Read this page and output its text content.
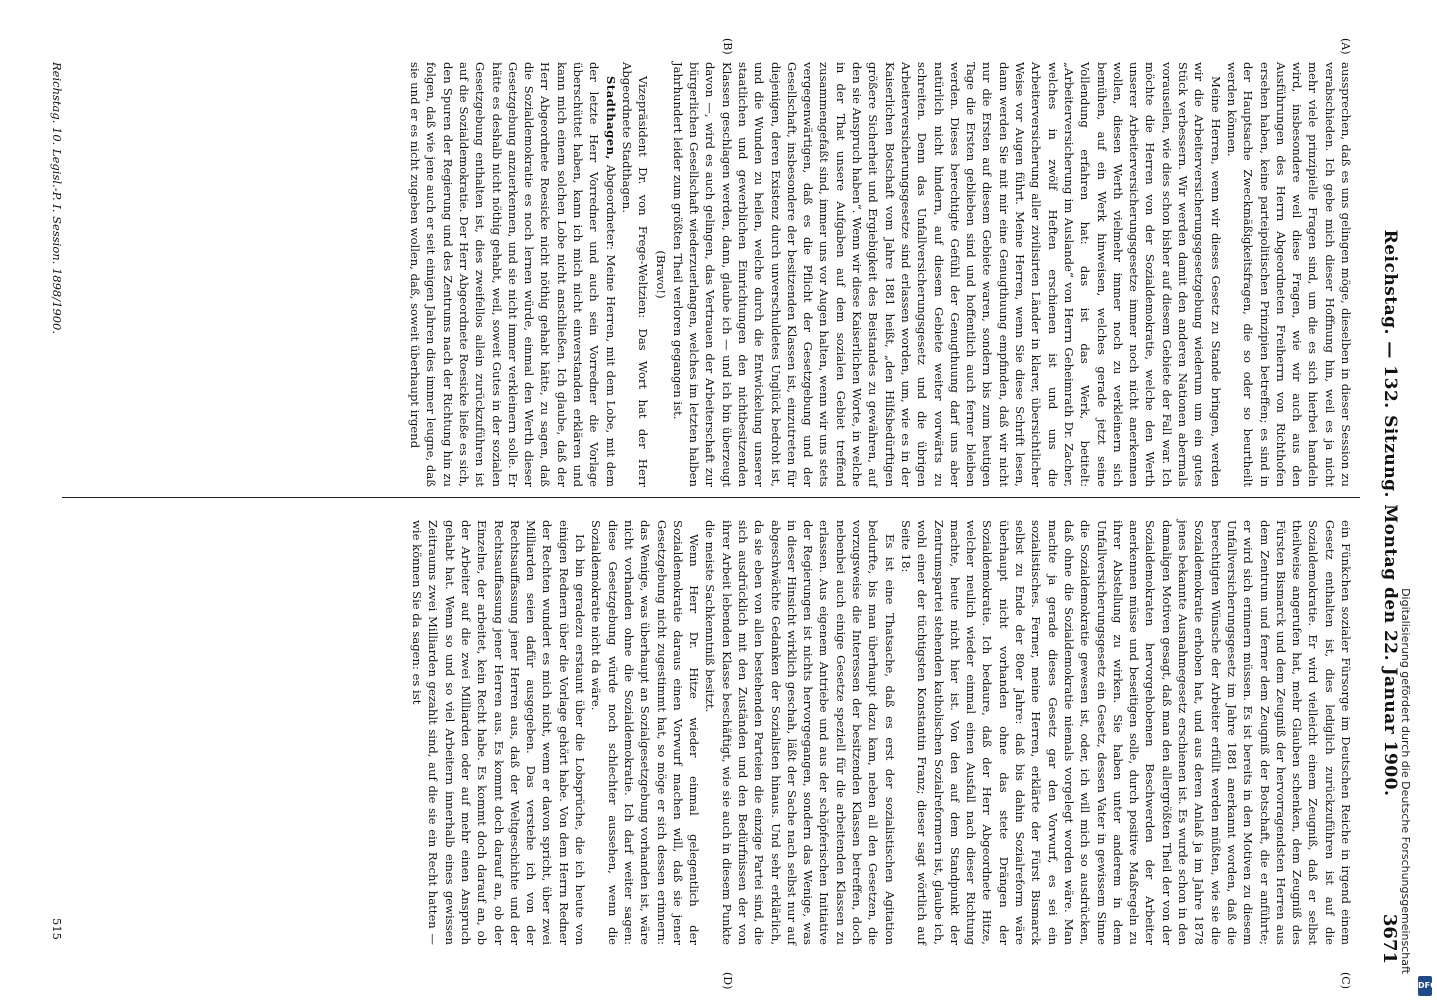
Reichstag. — 132. Sitzung. Montag den 22. Januar 1900.
3671
(A)
(B)
(C)
(D)

aussprechen, daß es uns gelingen möge, dieselben in dieser Session zu verabschieden. Ich gebe mich dieser Hoffnung hin, weil es ja nicht mehr viele prinzipielle Fragen sind, um die es sich hierbei handeln wird, insbesondere weil diese Fragen, wie wir auch aus den Ausführungen des Herrn Abgeordneten Freiherrn von Richthofen ersehen haben, keine parteipolitischen Prinzipien betreffen; es sind in der Hauptsache Zweckmäßigkeitsfragen, die so oder so beurtheilt werden können.

Meine Herren, wenn wir dieses Gesetz zu Stande bringen, werden wir die Arbeiterversicherungsgesetzgebung wiederum um ein gutes Stück verbessern. Wir werden damit den anderen Nationen abermals vorauseilen, wie dies schon bisher auf diesem Gebiete der Fall war. Ich möchte die Herren von der Sozialdemokratie, welche den Werth unserer Arbeiterversicherungsgesetze immer noch nicht anerkennen wollen, diesen Werth vielmehr immer noch zu verkleinern sich bemühen, auf ein Werk hinweisen, welches gerade jetzt seine Vollendung erfahren hat: das ist das Werk, betitelt: „Arbeiterversicherung im Auslande“ von Herrn Geheimrath Dr. Zacher, welches in zwölf Heften erschienen ist und uns die Arbeiterversicherung aller zivilisirten Länder in klarer, übersichtlicher Weise vor Augen führt. Meine Herren, wenn Sie diese Schrift lesen, dann werden Sie mit mir eine Genugthuung empfinden, daß wir nicht nur die Ersten auf diesem Gebiete waren, sondern bis zum heutigen Tage die Ersten geblieben sind und hoffentlich auch ferner bleiben werden. Dieses berechtigte Gefühl der Genugthuung darf uns aber natürlich nicht hindern, auf diesem Gebiete weiter vorwärts zu schreiten. Denn das Unfallversicherungsgesetz und die übrigen Arbeiterversicherungsgesetze sind erlassen worden, um, wie es in der Kaiserlichen Botschaft vom Jahre 1881 heißt, „den Hilfsbedürftigen größere Sicherheit und Ergiebigkeit des Beistandes zu gewähren, auf den sie Anspruch haben“. Wenn wir diese Kaiserlichen Worte, in welche in der That unsere Aufgaben auf dem sozialen Gebiet treffend zusammengefaßt sind, immer uns vor Augen halten, wenn wir uns stets vergegenwärtigen, daß es die Pflicht der Gesetzgebung und der Gesellschaft, insbesondere der besitzenden Klassen ist, einzutreten für diejenigen, deren Existenz durch unverschuldetes Unglück bedroht ist, und die Wunden zu heilen, welche durch die Entwickelung unserer staatlichen und gewerblichen Einrichtungen den nichtbesitzenden Klassen geschlagen werden, dann, glaube ich — und ich bin überzeugt davon —, wird es auch gelingen, das Vertrauen der Arbeiterschaft zur bürgerlichen Gesellschaft wiederzuerlangen, welches im letzten halben Jahrhundert leider zum größten Theil verloren gegangen ist.

(Bravo!)

Vizepräsident Dr. von Frege-Weltzien: Das Wort hat der Herr Abgeordnete Stadthagen.

Stadthagen, Abgeordneter: Meine Herren, mit dem Lobe, mit dem der letzte Herr Vorredner und auch sein Vorredner die Vorlage überschüttet haben, kann ich mich nicht einverstanden erklären und kann mich einem solchen Lobe nicht anschließen. Ich glaube, daß der Herr Abgeordnete Roesicke nicht nöthig gehabt hätte, zu sagen, daß die Sozialdemokratie es noch lernen würde, einmal den Werth dieser Gesetzgebung anzuerkennen, und sie nicht immer verkleinern solle. Er hätte es deshalb nicht nöthig gehabt, weil, soweit Gutes in der sozialen Gesetzgebung enthalten ist, dies zweifellos allein zurückzuführen ist auf die Sozialdemokratie. Der Herr Abgeordnete Roesicke ließe es sich, den Spuren der Regierung und des Zentrums nach der Richtung hin zu folgen, daß wie jene auch er seit einigen Jahren dies immer leugne, daß sie und er es nicht zugeben wollen, daß, soweit überhaupt irgend

ein Fünkchen sozialer Fürsorge im Deutschen Reiche in irgend einem Gesetz enthalten ist, dies lediglich zurückzuführen ist auf die Sozialdemokratie. Er wird vielleicht einem Zeugniß, daß er selbst theilweise angerufen hat, mehr Glauben schenken, dem Zeugniß des Fürsten Bismarck und dem Zeugniß der hervorragendsten Herren aus dem Zentrum und ferner dem Zeugniß der Botschaft, die er anführte; er wird sich erinnern müssen. Es ist bereits in den Motiven zu diesem Unfallversicherungsgesetz im Jahre 1881 anerkannt worden, daß die berechtigten Wünsche der Arbeiter erfüllt werden müßten, wie sie die Sozialdemokratie erhoben hat, und aus deren Anlaß ja im Jahre 1878 jenes bekannte Ausnahmegesetz erschienen ist. Es wurde schon in den damaligen Motiven gesagt, daß man den allergrößten Theil der von der Sozialdemokraten hervorgehobenen Beschwerden der Arbeiter anerkennen müsse und beseitigen solle, durch positive Maßregeln zu ihrer Abstellung zu wirken. Sie haben unter anderem in dem Unfallversicherungsgesetz ein Gesetz, dessen Vater in gewissem Sinne die Sozialdemokratie gewesen ist, oder, ich will mich so ausdrücken, daß ohne die Sozialdemokratie niemals vorgelegt worden wäre. Man machte ja gerade dieses Gesetz gar den Vorwurf, es sei ein sozialistisches. Ferner, meine Herren, erklärte der Fürst Bismarck selbst zu Ende der 80er Jahre: daß bis dahin Sozialreform wäre überhaupt nicht vorhanden ohne das stete Drängen der Sozialdemokratie. Ich bedaure, daß der Herr Abgeordnete Hitze, welcher neulich wieder einmal einen Ausfall nach dieser Richtung machte, heute nicht hier ist. Von den auf dem Standpunkt der Zentrumspartei stehenden katholischen Sozialreformern ist, glaube ich, wohl einer der tüchtigsten Konstantin Franz; dieser sagt wörtlich auf Seite 18:

Es ist eine Thatsache, daß es erst der sozialistischen Agitation bedurfte, bis man überhaupt dazu kam, neben all den Gesetzen, die vorzugsweise die Interessen der besitzenden Klassen betreffen, doch nebenbei auch einige Gesetze speziell für die arbeitenden Klassen zu erlassen. Aus eigenem Antriebe und aus der schöpferischen Initiative der Regierungen ist nichts hervorgegangen, sondern das Wenige, was in dieser Hinsicht wirklich geschah, läßt der Sache nach selbst nur auf abgeschwächte Gedanken der Sozialisten hinaus. Und sehr erklärlich, da sie eben von allen bestehenden Parteien die einzige Partei sind, die sich ausdrücklich mit den Zuständen und den Bedürfnissen der von ihrer Arbeit lebenden Klasse beschäftigt, wie sie auch in diesem Punkte die meiste Sachkenntniß besitzt.

Wenn Herr Dr. Hitze wieder einmal gelegentlich der Sozialdemokratie daraus einen Vorwurf machen will, daß sie jener Gesetzgebung nicht zugestimmt hat, so möge er sich dessen erinnern: das Wenige, was überhaupt an Sozialgesetzgebung vorhanden ist, wäre nicht vorhanden ohne die Sozialdemokratie. Ich darf weiter sagen: diese Gesetzgebung würde noch schlechter aussehen, wenn die Sozialdemokratie nicht da wäre.

Ich bin geradezu erstaunt über die Lobsprüche, die ich heute von einigen Rednern über die Vorlage gehört habe. Von dem Herrn Redner der Rechten wundert es mich nicht, wenn er davon spricht, über zwei Milliarden seien dafür ausgegeben. Das verstehe ich von der Rechtsauffassung jener Herren aus, daß der Weltgeschichte und der Rechtsauffassung jener Herren aus. Es kommt doch darauf an, ob der Einzelne, der arbeitet, kein Recht habe. Es kommt doch darauf an, ob der Arbeiter auf die zwei Milliarden oder auf mehr einen Anspruch gehabt hat. Wenn so und so viel Arbeitern innerhalb eines gewissen Zeitraums zwei Milliarden gezahlt sind, auf die sie ein Recht hatten — wie können Sie da sagen: es ist

Reichstag. 10. Legisl.-P. I. Session. 1898/1900.
515	Digitalisierung gefördert durch die Deutsche Forschungsgemeinschaft
DFG
